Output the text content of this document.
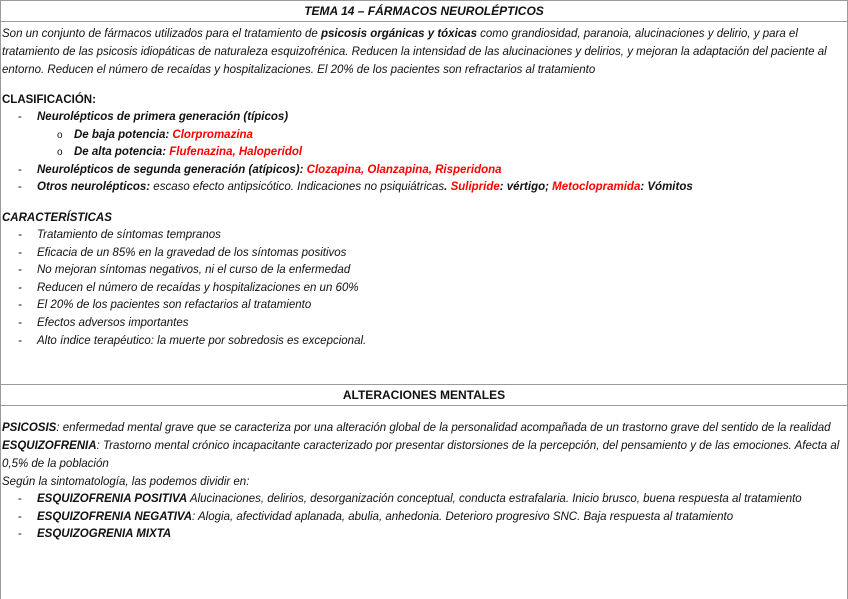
TEMA 14 – FÁRMACOS NEUROLÉPTICOS
Son un conjunto de fármacos utilizados para el tratamiento de psicosis orgánicas y tóxicas como grandiosidad, paranoia, alucinaciones y delirio, y para el tratamiento de las psicosis idiopáticas de naturaleza esquizofrénica. Reducen la intensidad de las alucinaciones y delirios, y mejoran la adaptación del paciente al entorno. Reducen el número de recaídas y hospitalizaciones. El 20% de los pacientes son refractarios al tratamiento
CLASIFICACIÓN:
- Neurolépticos de primera generación (típicos)
o De baja potencia: Clorpromazina
o De alta potencia: Flufenazina, Haloperidol
- Neurolépticos de segunda generación (atípicos): Clozapina, Olanzapina, Risperidona
- Otros neurolépticos: escaso efecto antipsicótico. Indicaciones no psiquiátricas. Sulipride: vértigo; Metoclopramida: Vómitos
CARACTERÍSTICAS
- Tratamiento de síntomas tempranos
- Eficacia de un 85% en la gravedad de los síntomas positivos
- No mejoran síntomas negativos, ni el curso de la enfermedad
- Reducen el número de recaídas y hospitalizaciones en un 60%
- El 20% de los pacientes son refactarios al tratamiento
- Efectos adversos importantes
- Alto índice terapéutico: la muerte por sobredosis es excepcional.
ALTERACIONES MENTALES
PSICOSIS: enfermedad mental grave que se caracteriza por una alteración global de la personalidad acompañada de un trastorno grave del sentido de la realidad
ESQUIZOFRENIA: Trastorno mental crónico incapacitante caracterizado por presentar distorsiones de la percepción, del pensamiento y de las emociones. Afecta al 0,5% de la población
Según la sintomatología, las podemos dividir en:
- ESQUIZOFRENIA POSITIVA Alucinaciones, delirios, desorganización conceptual, conducta estrafalaria. Inicio brusco, buena respuesta al tratamiento
- ESQUIZOFRENIA NEGATIVA: Alogia, afectividad aplanada, abulia, anhedonia. Deterioro progresivo SNC. Baja respuesta al tratamiento
- ESQUIZOGRENIA MIXTA
